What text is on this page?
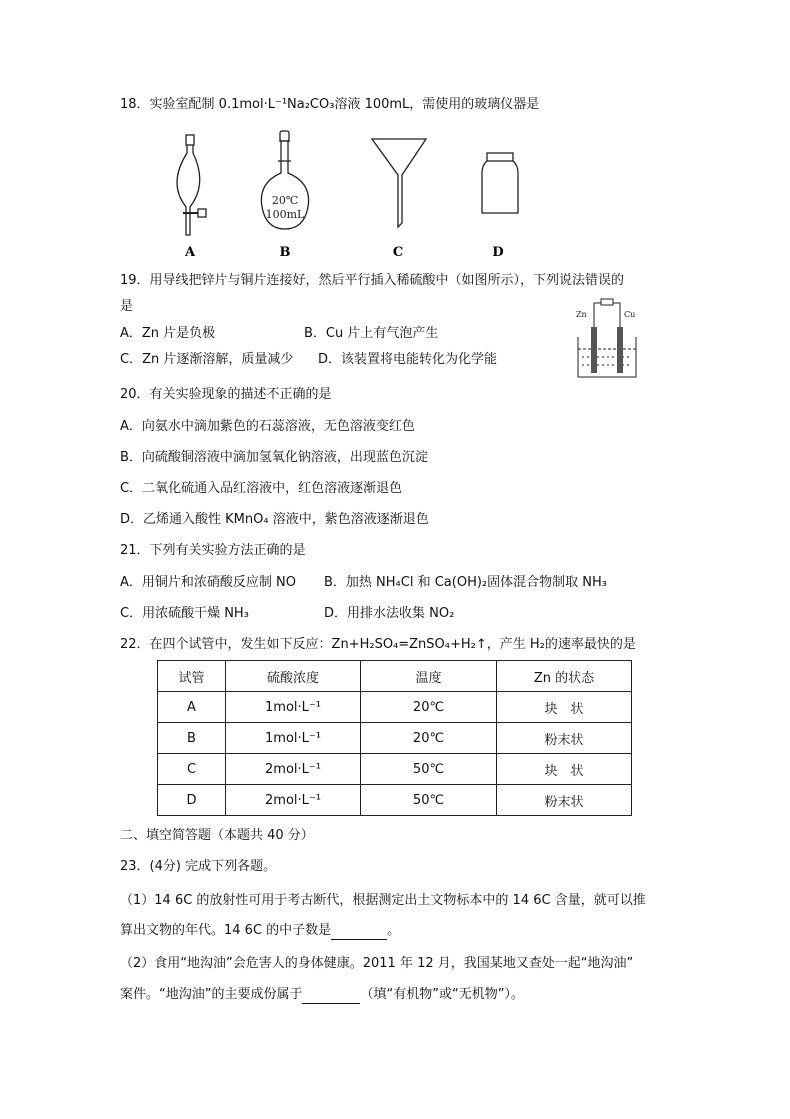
18．实验室配制 0.1mol·L⁻¹Na₂CO₃溶液 100mL，需使用的玻璃仪器是
20℃
100mL
A	B	C	D
19．用导线把锌片与铜片连接好，然后平行插入稀硫酸中（如图所示），下列说法错误的
是
A．Zn 片是负极	B．Cu 片上有气泡产生
C．Zn 片逐渐溶解，质量减少 D．该装置将电能转化为化学能
Zn	Cu
20．有关实验现象的描述不正确的是
A．向氨水中滴加紫色的石蕊溶液，无色溶液变红色
B．向硫酸铜溶液中滴加氢氧化钠溶液，出现蓝色沉淀
C．二氧化硫通入品红溶液中，红色溶液逐渐退色
D．乙烯通入酸性 KMnO₄ 溶液中，紫色溶液逐渐退色
21．下列有关实验方法正确的是
A．用铜片和浓硝酸反应制 NO B．加热 NH₄Cl 和 Ca(OH)₂固体混合物制取 NH₃
C．用浓硫酸干燥 NH₃	D．用排水法收集 NO₂
22．在四个试管中，发生如下反应：Zn+H₂SO₄=ZnSO₄+H₂↑，产生 H₂的速率最快的是
试管	硫酸浓度	温度	Zn 的状态
A	1mol·L⁻¹	20℃	块　状
B	1mol·L⁻¹	20℃	粉末状
C	2mol·L⁻¹	50℃	块　状
D	2mol·L⁻¹	50℃	粉末状
二、填空简答题（本题共 40 分）
23．(4分) 完成下列各题。
（1）14 6C 的放射性可用于考古断代，根据测定出土文物标本中的 14 6C 含量，就可以推
算出文物的年代。14 6C 的中子数是	。
（2）食用“地沟油”会危害人的身体健康。2011 年 12 月，我国某地又查处一起“地沟油”
案件。“地沟油”的主要成份属于	（填“有机物”或“无机物”）。
